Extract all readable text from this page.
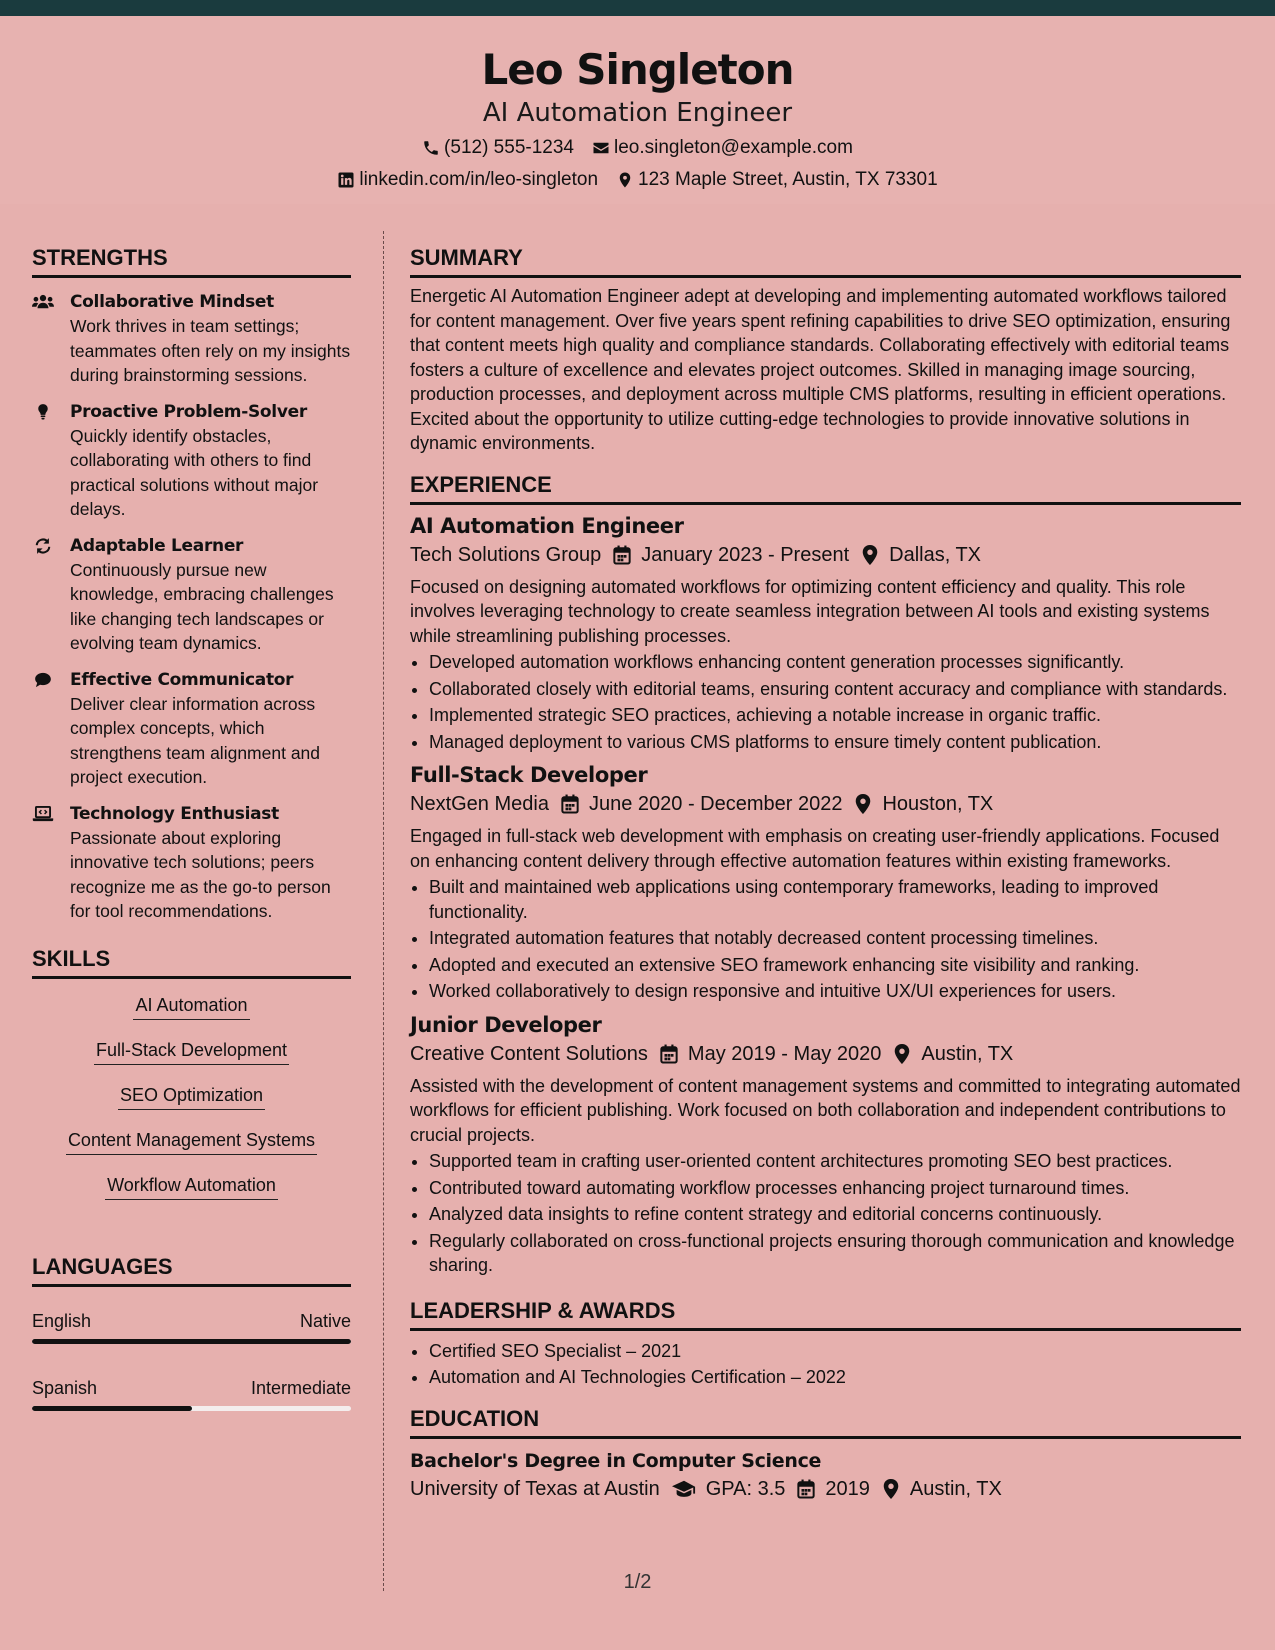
Leo Singleton
AI Automation Engineer
(512) 555-1234 leo.singleton@example.com
linkedin.com/in/leo-singleton 123 Maple Street, Austin, TX 73301
STRENGTHS
Collaborative Mindset
Work thrives in team settings; teammates often rely on my insights during brainstorming sessions.
Proactive Problem-Solver
Quickly identify obstacles, collaborating with others to find practical solutions without major delays.
Adaptable Learner
Continuously pursue new knowledge, embracing challenges like changing tech landscapes or evolving team dynamics.
Effective Communicator
Deliver clear information across complex concepts, which strengthens team alignment and project execution.
Technology Enthusiast
Passionate about exploring innovative tech solutions; peers recognize me as the go-to person for tool recommendations.
SKILLS
AI Automation
Full-Stack Development
SEO Optimization
Content Management Systems
Workflow Automation
LANGUAGES
English	Native
Spanish	Intermediate
SUMMARY

Energetic AI Automation Engineer adept at developing and implementing automated workflows tailored for content management. Over five years spent refining capabilities to drive SEO optimization, ensuring that content meets high quality and compliance standards. Collaborating effectively with editorial teams fosters a culture of excellence and elevates project outcomes. Skilled in managing image sourcing, production processes, and deployment across multiple CMS platforms, resulting in efficient operations. Excited about the opportunity to utilize cutting-edge technologies to provide innovative solutions in dynamic environments.

EXPERIENCE
AI Automation Engineer
Tech Solutions Group January 2023 - Present Dallas, TX

Focused on designing automated workflows for optimizing content efficiency and quality. This role involves leveraging technology to create seamless integration between AI tools and existing systems while streamlining publishing processes.

• Developed automation workflows enhancing content generation processes significantly.
• Collaborated closely with editorial teams, ensuring content accuracy and compliance with standards.
• Implemented strategic SEO practices, achieving a notable increase in organic traffic.
• Managed deployment to various CMS platforms to ensure timely content publication.
Full-Stack Developer
NextGen Media June 2020 - December 2022 Houston, TX

Engaged in full-stack web development with emphasis on creating user-friendly applications. Focused on enhancing content delivery through effective automation features within existing frameworks.

• Built and maintained web applications using contemporary frameworks, leading to improved functionality.
• Integrated automation features that notably decreased content processing timelines.
• Adopted and executed an extensive SEO framework enhancing site visibility and ranking.
• Worked collaboratively to design responsive and intuitive UX/UI experiences for users.
Junior Developer
Creative Content Solutions May 2019 - May 2020 Austin, TX

Assisted with the development of content management systems and committed to integrating automated workflows for efficient publishing. Work focused on both collaboration and independent contributions to crucial projects.

• Supported team in crafting user-oriented content architectures promoting SEO best practices.
• Contributed toward automating workflow processes enhancing project turnaround times.
• Analyzed data insights to refine content strategy and editorial concerns continuously.
• Regularly collaborated on cross-functional projects ensuring thorough communication and knowledge sharing.
LEADERSHIP & AWARDS
• Certified SEO Specialist – 2021
• Automation and AI Technologies Certification – 2022
EDUCATION
Bachelor's Degree in Computer Science
University of Texas at Austin GPA: 3.5 2019 Austin, TX
1/2
